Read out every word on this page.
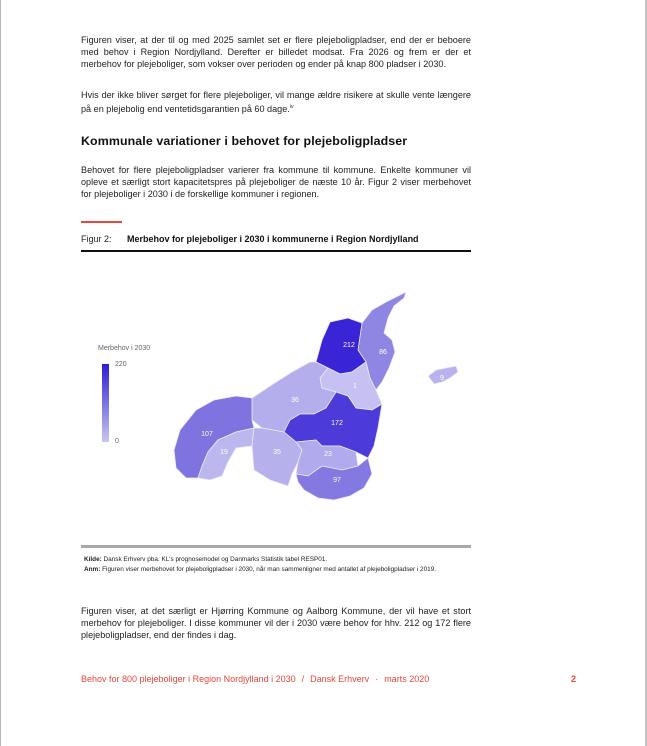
Figuren viser, at der til og med 2025 samlet set er flere plejeboligpladser, end der er beboere med behov i Region Nordjylland. Derefter er billedet modsat. Fra 2026 og frem er der et merbehov for plejeboliger, som vokser over perioden og ender på knap 800 pladser i 2030.

Hvis der ikke bliver sørget for flere plejeboliger, vil mange ældre risikere at skulle vente længere på en plejebolig end ventetidsgarantien på 60 dage.$^{iv}$

Kommunale variationer i behovet for plejeboligpladser

Behovet for flere plejeboligpladser varierer fra kommune til kommune. Enkelte kommuner vil opleve et særligt stort kapacitetspres på plejeboliger de næste 10 år. Figur 2 viser merbehovet for plejeboliger i 2030 i de forskellige kommuner i regionen.

Figur 2: Merbehov for plejeboliger i 2030 i kommunerne i Region Nordjylland
Merbehov i 2030
220
0
212
86
1
36
172
107
19	35	23
97
9
Kilde: Dansk Erhverv pba. KL's prognosemodel og Danmarks Statistik tabel RESP01.
Anm: Figuren viser merbehovet for plejeboligpladser i 2030, når man sammenligner med antallet af plejeboligpladser i 2019.

Figuren viser, at det særligt er Hjørring Kommune og Aalborg Kommune, der vil have et stort merbehov for plejeboliger. I disse kommuner vil der i 2030 være behov for hhv. 212 og 172 flere plejeboligpladser, end der findes i dag.

Behov for 800 plejeboliger i Region Nordjylland i 2030 / Dansk Erhverv · marts 2020	2
